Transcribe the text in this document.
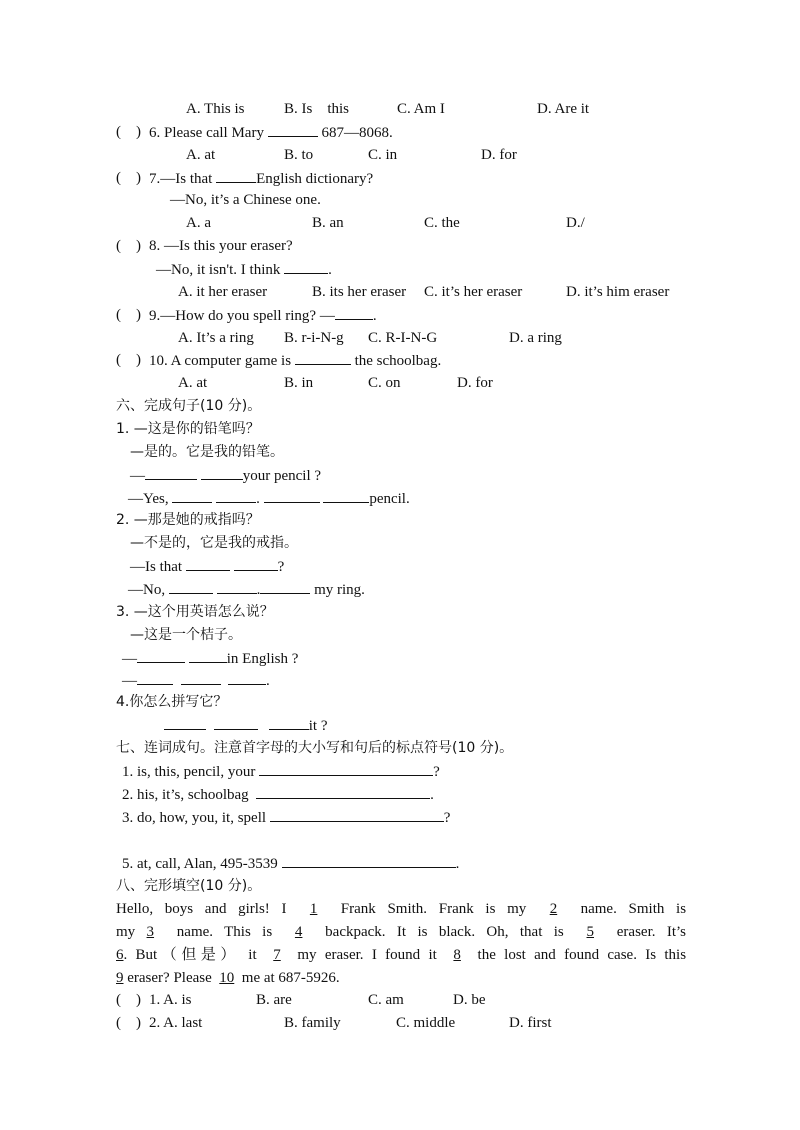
A. This is	B. Is    this	C. Am I	D. Are it
(    ) 6. Please call Mary	687—8068.
A. at	B. to	C. in	D. for
(    ) 7.—Is that	English dictionary?
—No, it’s a Chinese one.
A. a	B. an	C. the	D./
(    ) 8. —Is this your eraser?
—No, it isn't. I think	.
A. it her eraser	B. its her eraser C. it’s her eraser	D. it’s him eraser
(    ) 9.—How do you spell ring? —	.
A. It’s a ring B. r-i-N-g C. R-I-N-G	D. a ring
(    ) 10. A computer game is	the schoolbag.
A. at	B. in	C. on	D. for
六、完成句子(10 分)。
1. —这是你的铅笔吗？
—是的。它是我的铅笔。
—	your pencil ?
—Yes,	.	pencil.
2. —那是她的戒指吗？
—不是的，它是我的戒指。
—Is that	?
—No,	.	my ring.
3. —这个用英语怎么说？
—这是一个桔子。
—	in English ?
—	.
4.你怎么拼写它？
it ?
七、连词成句。注意首字母的大小写和句后的标点符号(10 分)。
1. is, this, pencil, your	?
2. his, it’s, schoolbag	.
3. do, how, you, it, spell	?
5. at, call, Alan, 495-3539	.
八、完形填空(10 分)。
Hello, boys and girls! I  1  Frank Smith. Frank is my  2  name. Smith is
my 3  name. This is  4  backpack. It is black. Oh, that is  5  eraser. It’s
6. But（但是） it  7  my eraser. I found it  8  the lost and found case. Is this
9 eraser? Please  10  me at 687-5926.
(    ) 1. A. is	B. are	C. am	D. be
(    ) 2. A. last	B. family	C. middle	D. first
